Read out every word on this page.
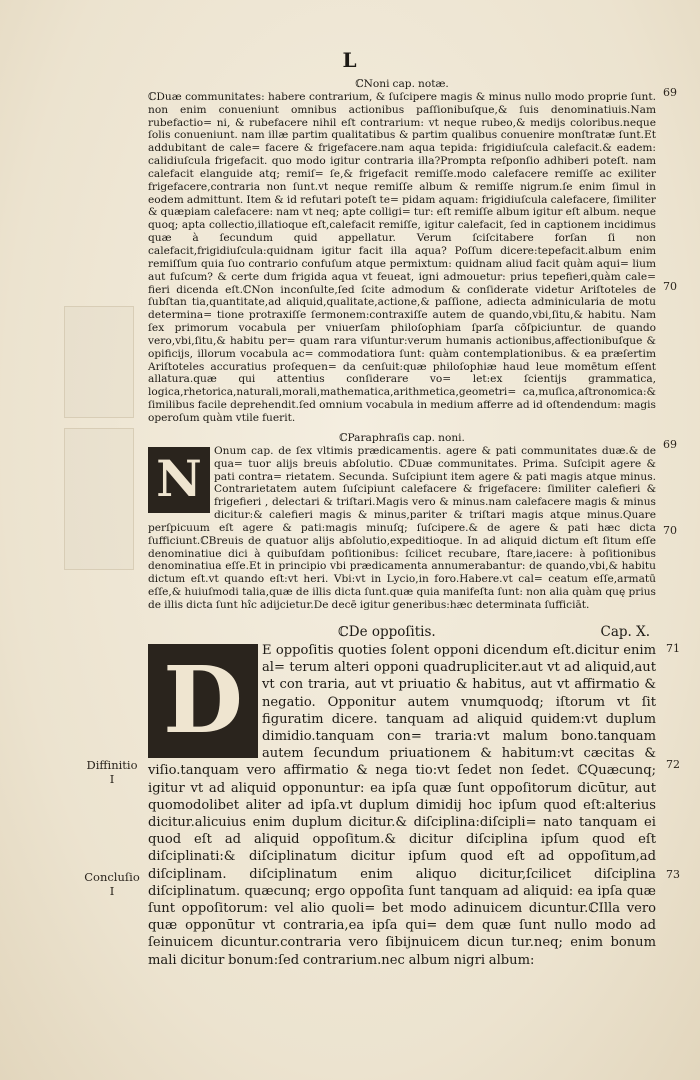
L

ℂNoni cap. notæ.

ℂDuæ communitates: habere contrarium, & ſuſcipere magis & minus nullo modo proprie ſunt. non enim conueniunt omnibus actionibus paſſionibuſque,& ſuis denominatiuis.Nam rubefactio= ni, & rubefacere nihil eſt contrarium: vt neque rubeo,& medijs coloribus.neque ſolis conueniunt. nam illæ partim qualitatibus & partim qualibus conuenire monſtratæ ſunt.Et addubitant de cale= facere & frigefacere.nam aqua tepida: frigidiuſcula calefacit.& eadem: calidiuſcula frigefacit. quo modo igitur contraria illa?Prompta reſponſio adhiberi poteſt. nam calefacit elanguide atq; remiſ= ſe,& frigefacit remiſſe.modo calefacere remiſſe ac exiliter frigefacere,contraria non ſunt.vt neque remiſſe album & remiſſe nigrum.ſe enim ſimul in eodem admittunt. Item & id refutari poteſt te= pidam aquam: frigidiuſcula calefacere, ſimiliter & quæpiam calefacere: nam vt neq; apte colligi= tur: eſt remiſſe album igitur eſt album. neque quoq; apta collectio,illatioque eſt,calefacit remiſſe, igitur calefacit, ſed in captionem incidimus quæ à ſecundum quid appellatur. Verum ſciſcitabere forſan ſi non calefacit,frigidiuſcula:quidnam igitur facit illa aqua? Poſſum dicere:tepefacit.album enim remiſſum quia ſuo contrario confuſum atque permixtum: quidnam aliud facit quàm aqui= lium aut fuſcum? & certe dum frigida aqua vt feueat, igni admouetur: prius tepefieri,quàm cale= fieri dicenda eſt.ℂNon inconſulte,ſed ſcite admodum & conſiderate videtur Ariſtoteles de ſubſtan tia,quantitate,ad aliquid,qualitate,actione,& paſſione, adiecta adminicularia de motu determina= tione protraxiſſe ſermonem:contraxiſſe autem de quando,vbi,ſitu,& habitu. Nam ſex primorum vocabula per vniuerſam philoſophiam ſparſa cōſpiciuntur. de quando vero,vbi,ſitu,& habitu per= quam rara viſuntur:verum humanis actionibus,affectionibuſque & opificijs, illorum vocabula ac= commodatiora ſunt: quàm contemplationibus. & ea præſertim Ariſtoteles accuratius proſequen= da cenſuit:quæ philoſophiæ haud leue momētum eſſent allatura.quæ qui attentius conſiderare vo= let:ex ſcientijs grammatica, logica,rhetorica,naturali,morali,mathematica,arithmetica,geometri= ca,muſica,aſtronomica:& ſimilibus facile deprehendit.ſed omnium vocabula in medium afferre ad id oſtendendum: magis operoſum quàm vtile fuerit.

ℂParaphraſis cap. noni.

N	Onum cap. de ſex vltimis prædicamentis. agere & pati communitates duæ.& de qua= tuor alijs breuis abſolutio. ℂDuæ communitates. Prima. Suſcipit agere & pati contra= rietatem. Secunda. Suſcipiunt item agere & pati magis atque minus. Contrarietatem autem ſuſcipiunt calefacere & frigefacere: ſimiliter calefieri & frigefieri , delectari & triſtari.Magis vero & minus.nam calefacere magis & minus dicitur:& calefieri magis & minus,pariter & triſtari magis atque minus.Quare perſpicuum eſt agere & pati:magis minuſq; ſuſcipere.& de agere & pati hæc dicta ſufficiunt.ℂBreuis de quatuor alijs abſolutio,expeditioque. In ad aliquid dictum eſt ſitum eſſe denominatiue dici à quibuſdam poſitionibus: ſcilicet recubare, ſtare,iacere: à poſitionibus denominatiua eſſe.Et in principio vbi prædicamenta annumerabantur: de quando,vbi,& habitu dictum eſt.vt quando eſt:vt heri. Vbi:vt in Lycio,in foro.Habere.vt cal= ceatum eſſe,armatū eſſe,& huiuſmodi talia,quæ de illis dicta ſunt.quæ quia manifeſta ſunt: non alia quàm quę prius de illis dicta ſunt hîc adijcietur.De decē igitur generibus:hæc determinata ſufficiāt.

ℂDe oppoſitis.	Cap. X.
D	E oppoſitis quoties ſolent opponi dicendum eſt.dicitur enim al= terum alteri opponi quadrupliciter.aut vt ad aliquid,aut vt con traria, aut vt priuatio & habitus, aut vt affirmatio & negatio. Opponitur autem vnumquodq; iſtorum vt ſit figuratim dicere. tanquam ad aliquid quidem:vt duplum dimidio.tanquam con= traria:vt malum bono.tanquam autem ſecundum priuationem & habitum:vt cæcitas & viſio.tanquam vero affirmatio & nega tio:vt ſedet non ſedet. ℂQuæcunq; igitur vt ad aliquid opponuntur: ea ipſa quæ ſunt oppoſitorum dicūtur, aut quomodolibet aliter ad ipſa.vt duplum dimidij hoc ipſum quod eſt:alterius dicitur.alicuius enim duplum dicitur.& diſciplina:diſcipli= nato tanquam ei quod eſt ad aliquid oppoſitum.& dicitur diſciplina ipſum quod eſt diſciplinati:& diſciplinatum dicitur ipſum quod eſt ad oppoſitum,ad diſciplinam. diſciplinatum enim aliquo dicitur,ſcilicet diſciplina diſciplinatum. quæcunq; ergo oppoſita ſunt tanquam ad aliquid: ea ipſa quæ ſunt oppoſitorum: vel alio quoli= bet modo adinuicem dicuntur.ℂIlla vero quæ opponūtur vt contraria,ea ipſa qui= dem quæ ſunt nullo modo ad ſeinuicem dicuntur.contraria vero ſibijnuicem dicun tur.neq; enim bonum mali dicitur bonum:ſed contrarium.nec album nigri album:

69
70
69
70
71
72
73
Diffinitio
I
Concluſio
I
